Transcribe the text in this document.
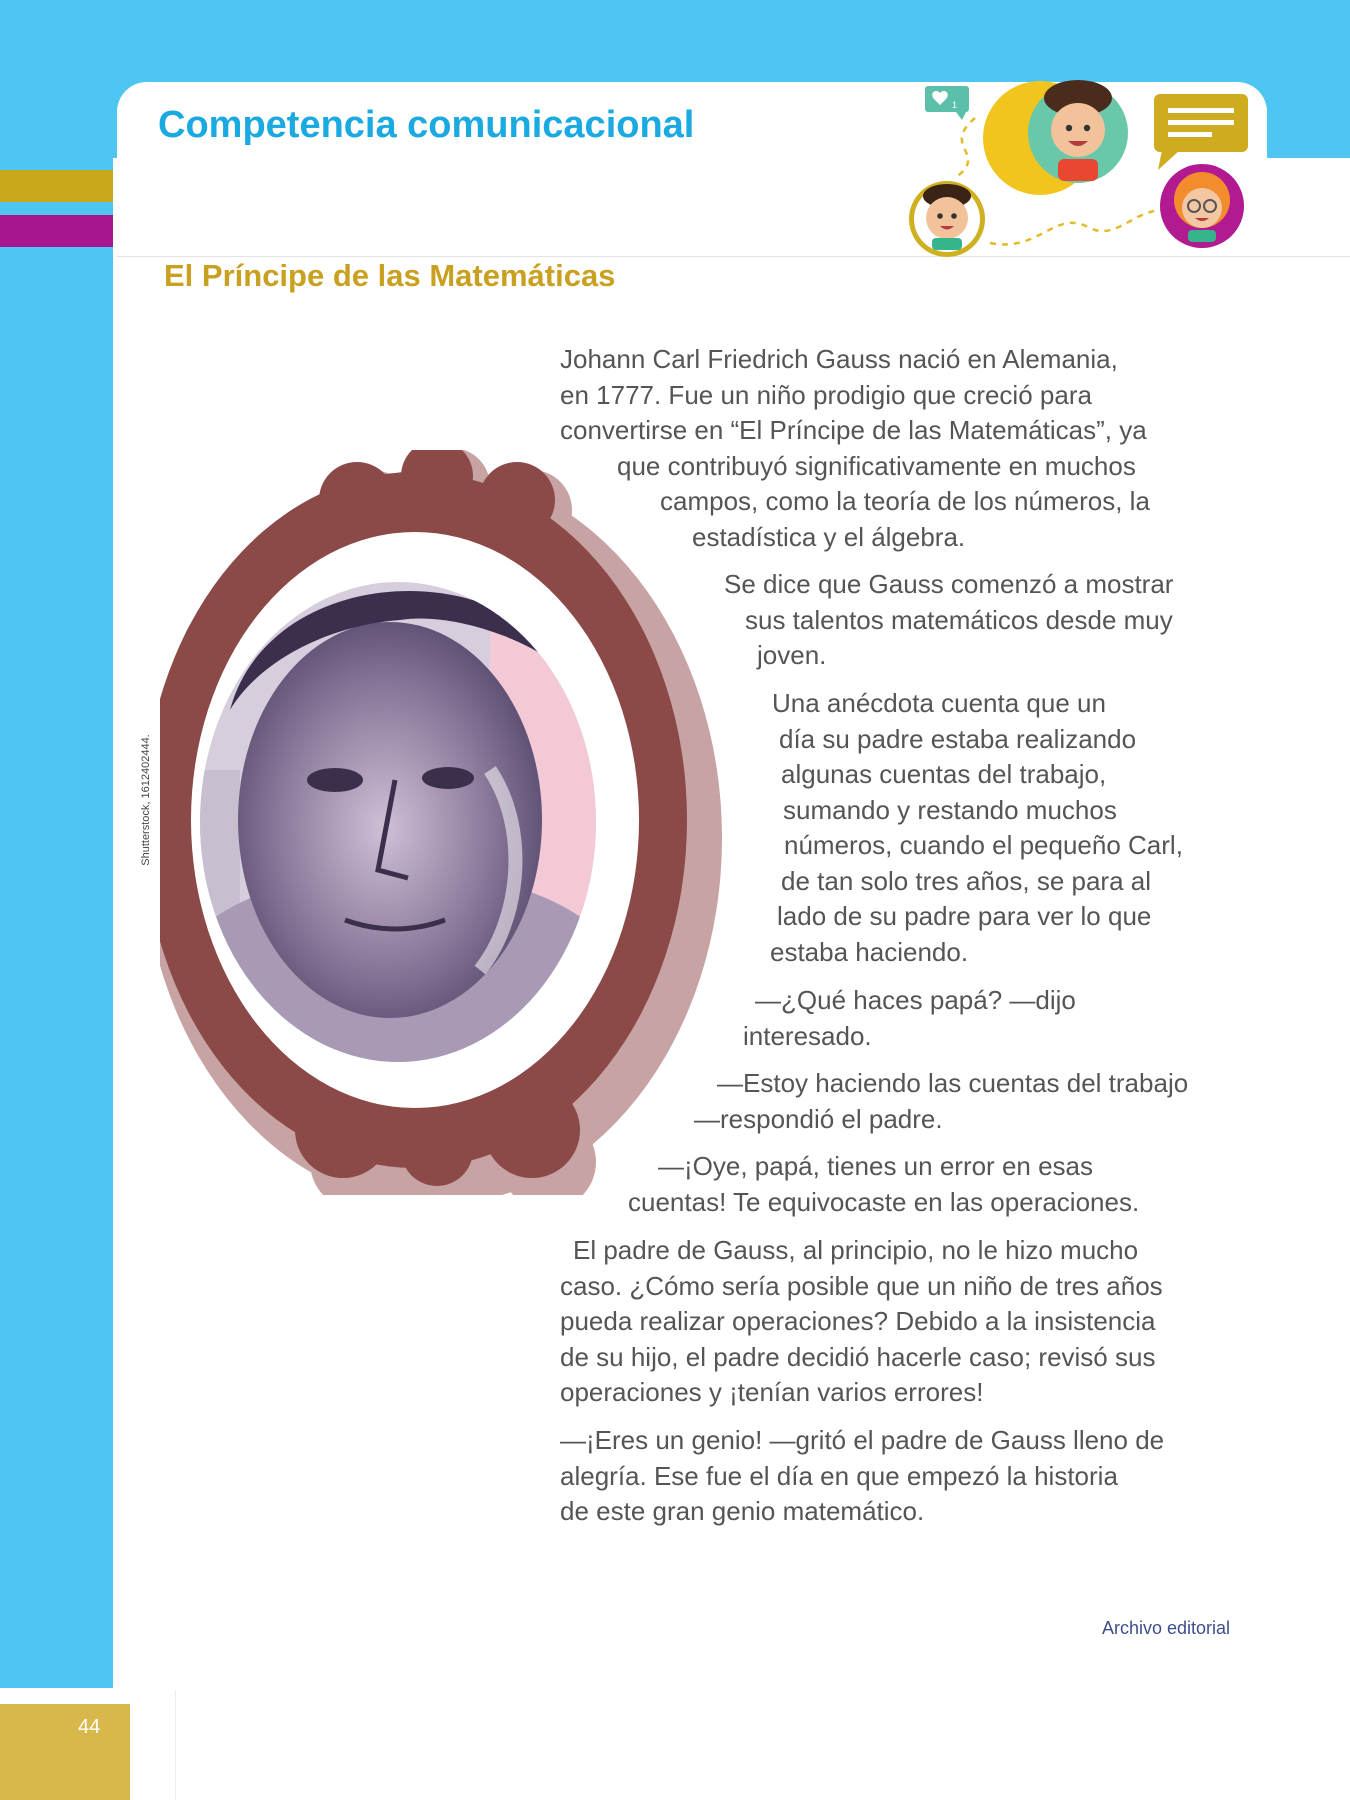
Competencia comunicacional	1
El Príncipe de las Matemáticas
Shutterstock, 1612402444.

Johann Carl Friedrich Gauss nació en Alemania,
en 1777. Fue un niño prodigio que creció para
convertirse en “El Príncipe de las Matemáticas”, ya
que contribuyó significativamente en muchos
campos, como la teoría de los números, la
estadística y el álgebra.

Se dice que Gauss comenzó a mostrar
sus talentos matemáticos desde muy
joven.

Una anécdota cuenta que un
día su padre estaba realizando
algunas cuentas del trabajo,
sumando y restando muchos
números, cuando el pequeño Carl,
de tan solo tres años, se para al
lado de su padre para ver lo que
estaba haciendo.

—¿Qué haces papá? —dijo
interesado.

—Estoy haciendo las cuentas del trabajo
—respondió el padre.

—¡Oye, papá, tienes un error en esas
cuentas! Te equivocaste en las operaciones.

El padre de Gauss, al principio, no le hizo mucho
caso. ¿Cómo sería posible que un niño de tres años
pueda realizar operaciones? Debido a la insistencia
de su hijo, el padre decidió hacerle caso; revisó sus
operaciones y ¡tenían varios errores!

—¡Eres un genio! —gritó el padre de Gauss lleno de
alegría. Ese fue el día en que empezó la historia
de este gran genio matemático.

Archivo editorial

44
